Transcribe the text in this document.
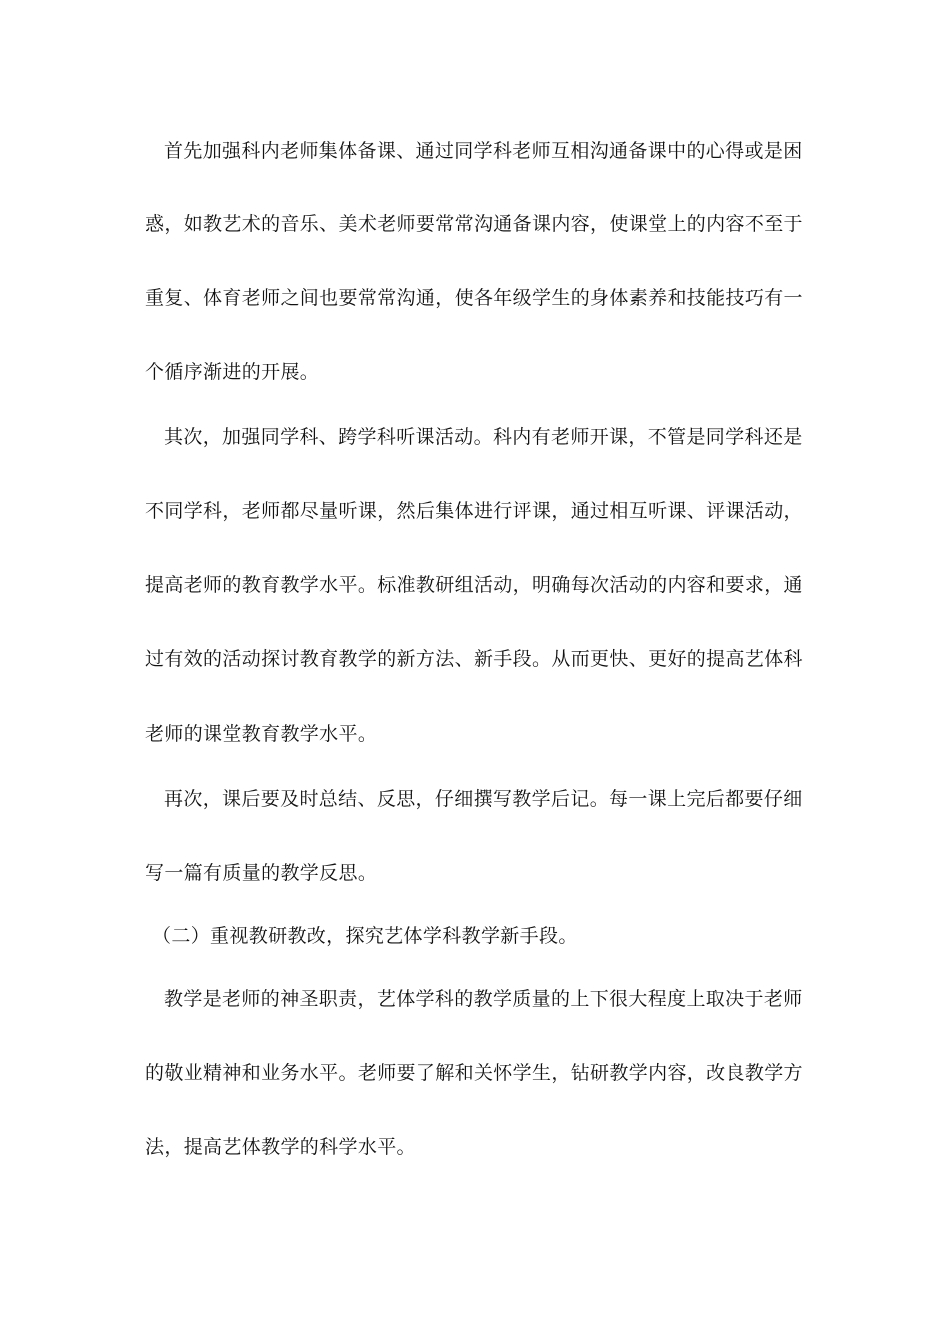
首先加强科内老师集体备课、通过同学科老师互相沟通备课中的心得或是困
惑，如教艺术的音乐、美术老师要常常沟通备课内容，使课堂上的内容不至于
重复、体育老师之间也要常常沟通，使各年级学生的身体素养和技能技巧有一
个循序渐进的开展。
其次，加强同学科、跨学科听课活动。科内有老师开课，不管是同学科还是
不同学科，老师都尽量听课，然后集体进行评课，通过相互听课、评课活动，
提高老师的教育教学水平。标准教研组活动，明确每次活动的内容和要求，通
过有效的活动探讨教育教学的新方法、新手段。从而更快、更好的提高艺体科
老师的课堂教育教学水平。
再次，课后要及时总结、反思，仔细撰写教学后记。每一课上完后都要仔细
写一篇有质量的教学反思。
（二）重视教研教改，探究艺体学科教学新手段。
教学是老师的神圣职责，艺体学科的教学质量的上下很大程度上取决于老师
的敬业精神和业务水平。老师要了解和关怀学生，钻研教学内容，改良教学方
法，提高艺体教学的科学水平。
